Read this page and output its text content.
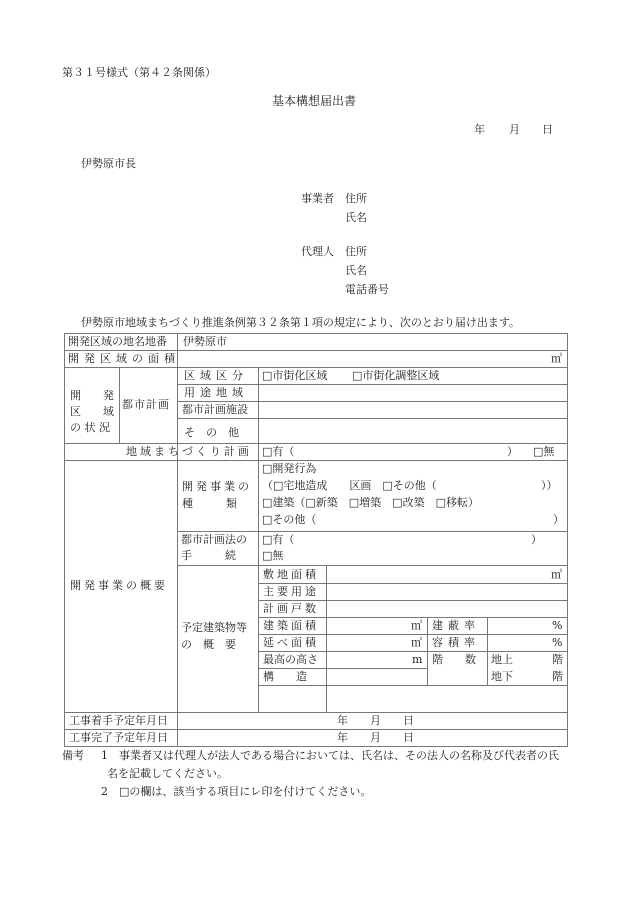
第３１号様式（第４２条関係）
基本構想届出書
年 月 日
伊勢原市長
事業者 住所
氏名
代理人 住所
氏名
電話番号
伊勢原市地域まちづくり推進条例第３２条第１項の規定により、次のとおり届け出ます。
開発区域の地名地番 伊勢原市
開発区域の面積	㎡
開　　発
区　　域
の 状 況
都市計画
区域区分 □市街化区域 □市街化調整区域
用途地域
都市計画施設
そ　の　他
地域まちづくり計画 □有（	） □無
開発事業の概要
開発事業の
種　　　類
□開発行為
（□宅地造成　　区画　□その他（	））
□建築（□新築　□増築　□改築　□移転）
□その他（	）
都市計画法の
手　　　続
□有（	）
□無
予定建築物等
の　概　要
敷地面積	㎡
主要用途
計画戸数
建築面積	㎡ 建蔽率	%
延べ面積	㎡ 容積率	%
最高の高さ	m 階　　数 地上	階
地下	階
構　　造
工事着手予定年月日	年 月 日
工事完了予定年月日	年 月 日
備考 1 事業者又は代理人が法人である場合においては、氏名は、その法人の名称及び代表者の氏
名を記載してください。
2 □の欄は、該当する項目にレ印を付けてください。
